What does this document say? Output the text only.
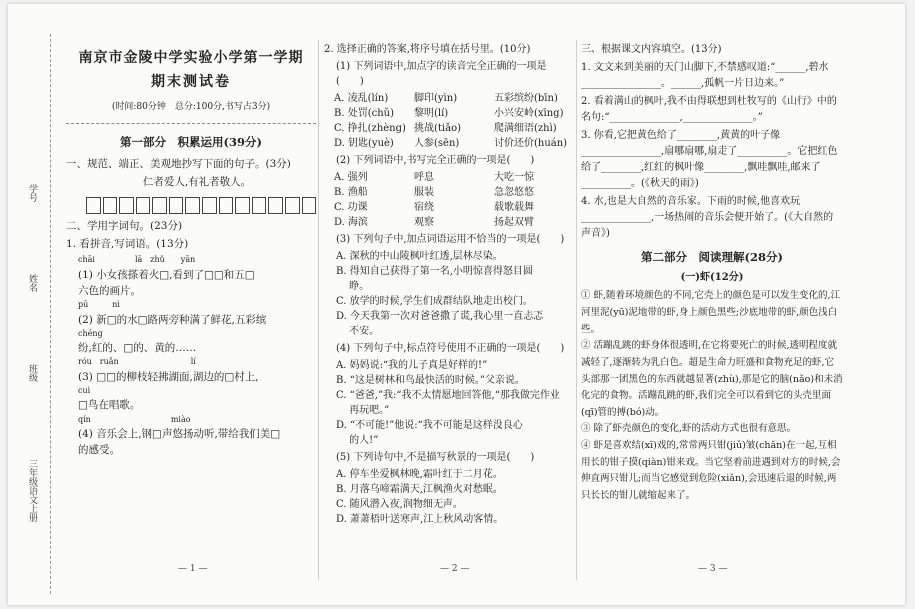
学号
姓名
班级
三年级语文上册
南京市金陵中学实验小学第一学期
期末测试卷
(时间:80分钟　总分:100分,书写占3分)
第一部分　积累运用(39分)
一、规范、端正、美观地抄写下面的句子。(3分)
仁者爱人,有礼者敬人。
二、学用字词句。(23分)
1. 看拼音,写词语。(13分)
chāi　　　　　lā　zhǔ　　yān
(1) 小女孩搽着火□,看到了□□和五□
六色的画片。
pū　　　nì
(2) 新□的水□路两旁种满了鲜花,五彩缤
chéng
纷,红的、□的、黄的……
róu　ruǎn　　　　　　　　　lí
(3) □□的柳枝轻拂湖面,湖边的□村上,
cuì
□鸟在唱歌。
qín　　　　　　　　　　miào
(4) 音乐会上,钢□声悠扬动听,带给我们美□
的感受。
— 1 —
2. 选择正确的答案,将序号填在括号里。(10分)
(1) 下列词语中,加点字的读音完全正确的一项是(　　)
A. 凌乱(lín)	脚印(yìn)	五彩缤纷(bīn)
B. 处罚(chǔ)	黎明(lí)	小兴安岭(xīng)
C. 挣扎(zhèng) 挑战(tiǎo)	爬满细语(zhì)
D. 钥匙(yuè)	人参(sēn)	讨价还价(huán)
(2) 下列词语中,书写完全正确的一项是(　　)
A. 强列	呼息	大吃一惊
B. 渔船	服装	急忽悠悠
C. 功课	宿绕	载歌载舞
D. 海滨	观察	扬起双臂
(3) 下列句子中,加点词语运用不恰当的一项是(　　)
A. 深秋的中山陵枫叶红透,层林尽染。
B. 得知自己获得了第一名,小明惊喜得怒目圆
　 睁。
C. 放学的时候,学生们成群结队地走出校门。
D. 今天我第一次对爸爸撒了谎,我心里一直忐忑
　 不安。
(4) 下列句子中,标点符号使用不正确的一项是(　　)
A. 妈妈说:“我的儿子真是好样的!”
B. “这是树林和鸟最快活的时候。”父亲说。
C. “爸爸,”我:“我不太情愿地回答他,“那我做完作业
　 再玩吧。”
D. “不可能!”他说:“我不可能是这样没良心
　 的人!”
(5) 下列诗句中,不是描写秋景的一项是(　　)
A. 停车坐爱枫林晚,霜叶红于二月花。
B. 月落乌啼霜满天,江枫渔火对愁眠。
C. 随风潜入夜,润物细无声。
D. 萧萧梧叶送寒声,江上秋风动客情。
— 2 —
三、根据课文内容填空。(13分)
1. 文文来到美丽的天门山脚下,不禁感叹道:“______,碧水________________。______,孤帆一片日边来。”
2. 看着满山的枫叶,我不由得联想到杜牧写的《山行》中的名句:“______________,______________。”
3. 你看,它把黄色给了________,黄黄的叶子像________________,扇哪扇哪,扇走了__________。它把红色给了________,红红的枫叶像________,飘哇飘哇,邮来了__________。(《秋天的雨》)
4. 水,也是大自然的音乐家。下雨的时候,他喜欢玩______________,一场热闹的音乐会便开始了。(《大自然的声音》)
第二部分　阅读理解(28分)
(一)虾(12分)
① 虾,随着环境颜色的不同,它壳上的颜色是可以发生变化的,江河里泥(yū)泥地带的虾,身上颜色黑些;沙底地带的虾,颜色浅白些。
② 活蹦乱跳的虾身体很透明,在它将要死亡的时候,透明程度就减轻了,逐渐转为乳白色。超是生命力旺盛和食物充足的虾,它头部那一团黑色的东西就越显著(zhù),那是它的脑(nǎo)和未消化完的食物。活蹦乱跳的虾,我们完全可以看到它的头壳里面(qī)管的搏(bó)动。
③ 除了虾壳颜色的变化,虾的活动方式也很有意思。
④ 虾是喜欢结(xī)戏的,常常两只钳(jiǔ)皱(chǎn)在一起,互相用长的钳子摸(qiàn)钳来戏。当它坚着前进遇到对方的时候,会伸直两只钳儿;而当它感觉到危险(xiǎn),会迅速后退的时候,两只长长的钳儿就缩起来了。
— 3 —
